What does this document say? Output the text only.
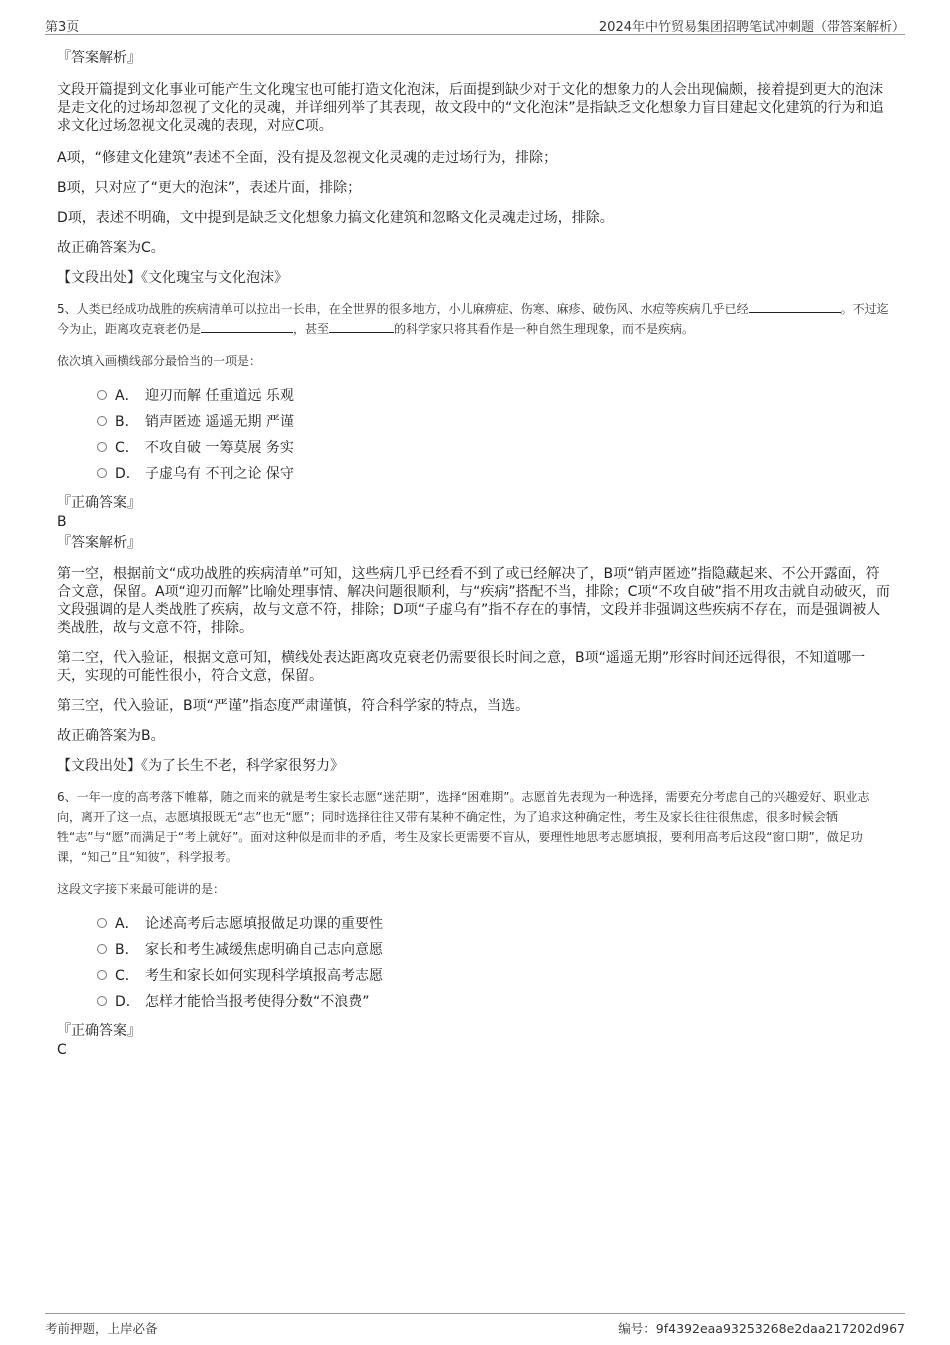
第3页	2024年中竹贸易集团招聘笔试冲刺题（带答案解析）
『答案解析』

文段开篇提到文化事业可能产生文化瑰宝也可能打造文化泡沫，后面提到缺少对于文化的想象力的人会出现偏颇，接着提到更大的泡沫是走文化的过场却忽视了文化的灵魂，并详细列举了其表现，故文段中的“文化泡沫”是指缺乏文化想象力盲目建起文化建筑的行为和追求文化过场忽视文化灵魂的表现，对应C项。

A项，“修建文化建筑”表述不全面，没有提及忽视文化灵魂的走过场行为，排除；

B项，只对应了“更大的泡沫”，表述片面，排除；

D项，表述不明确，文中提到是缺乏文化想象力搞文化建筑和忽略文化灵魂走过场，排除。

故正确答案为C。

【文段出处】《文化瑰宝与文化泡沫》

5、人类已经成功战胜的疾病清单可以拉出一长串，在全世界的很多地方，小儿麻痹症、伤寒、麻疹、破伤风、水痘等疾病几乎已经	。不过迄今为止，距离攻克衰老仍是	，甚至	的科学家只将其看作是一种自然生理现象，而不是疾病。

依次填入画横线部分最恰当的一项是：

A． 迎刃而解 任重道远 乐观
B． 销声匿迹 遥遥无期 严谨
C． 不攻自破 一筹莫展 务实
D． 子虚乌有 不刊之论 保守
『正确答案』
B
『答案解析』

第一空，根据前文“成功战胜的疾病清单”可知，这些病几乎已经看不到了或已经解决了，B项“销声匿迹”指隐藏起来、不公开露面，符合文意，保留。A项“迎刃而解”比喻处理事情、解决问题很顺利，与“疾病”搭配不当，排除；C项“不攻自破”指不用攻击就自动破灭，而文段强调的是人类战胜了疾病，故与文意不符，排除；D项“子虚乌有”指不存在的事情，文段并非强调这些疾病不存在，而是强调被人类战胜，故与文意不符，排除。

第二空，代入验证，根据文意可知，横线处表达距离攻克衰老仍需要很长时间之意，B项“遥遥无期”形容时间还远得很，不知道哪一天，实现的可能性很小，符合文意，保留。

第三空，代入验证，B项“严谨”指态度严肃谨慎，符合科学家的特点，当选。

故正确答案为B。

【文段出处】《为了长生不老，科学家很努力》

6、一年一度的高考落下帷幕，随之而来的就是考生家长志愿“迷茫期”，选择“困难期”。志愿首先表现为一种选择，需要充分考虑自己的兴趣爱好、职业志向，离开了这一点，志愿填报既无“志”也无“愿”；同时选择往往又带有某种不确定性，为了追求这种确定性，考生及家长往往很焦虑，很多时候会牺牲“志”与“愿”而满足于“考上就好”。面对这种似是而非的矛盾，考生及家长更需要不盲从，要理性地思考志愿填报，要利用高考后这段“窗口期”，做足功课，“知己”且“知彼”，科学报考。

这段文字接下来最可能讲的是：

A． 论述高考后志愿填报做足功课的重要性
B． 家长和考生减缓焦虑明确自己志向意愿
C． 考生和家长如何实现科学填报高考志愿
D． 怎样才能恰当报考使得分数“不浪费”
『正确答案』
C
考前押题，上岸必备	编号：9f4392eaa93253268e2daa217202d967
